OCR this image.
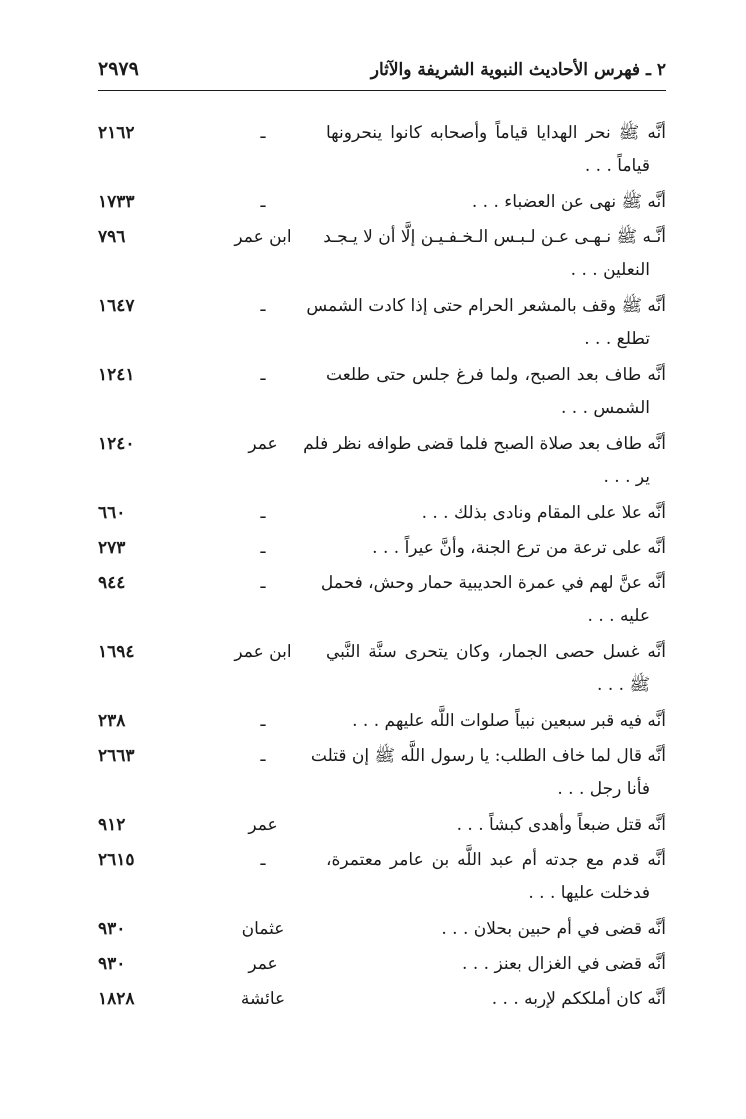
٢ ـ فهرس الأحاديث النبوية الشريفة والآثار
٢٩٧٩
أنَّه ﷺ نحر الهدايا قياماً وأصحابه كانوا ينحرونها
قياماً . . .
ـ
٢١٦٢
أنَّه ﷺ نهى عن العضباء . . .
ـ
١٧٣٣
أنَّـه ﷺ نـهـى عـن لـبـس الـخـفـيـن إلَّا أن لا يـجـد
النعلين . . .
ابن عمر
٧٩٦
أنَّه ﷺ وقف بالمشعر الحرام حتى إذا كادت الشمس
تطلع . . .
ـ
١٦٤٧
أنَّه طاف بعد الصبح، ولما فرغ جلس حتى طلعت
الشمس . . .
ـ
١٢٤١
أنَّه طاف بعد صلاة الصبح فلما قضى طوافه نظر فلم
ير . . .
عمر
١٢٤٠
أنَّه علا على المقام ونادى بذلك . . .
ـ
٦٦٠
أنَّه على ترعة من ترع الجنة، وأنَّ عيراً . . .
ـ
٢٧٣
أنَّه عنَّ لهم في عمرة الحديبية حمار وحش، فحمل
عليه . . .
ـ
٩٤٤
أنَّه غسل حصى الجمار، وكان يتحرى سنَّة النَّبي
ﷺ . . .
ابن عمر
١٦٩٤
أنَّه فيه قبر سبعين نبياً صلوات اللَّه عليهم . . .
ـ
٢٣٨
أنَّه قال لما خاف الطلب: يا رسول اللَّه ﷺ إن قتلت
فأنا رجل . . .
ـ
٢٦٦٣
أنَّه قتل ضبعاً وأهدى كبشاً . . .
عمر
٩١٢
أنَّه قدم مع جدته أم عبد اللَّه بن عامر معتمرة،
فدخلت عليها . . .
ـ
٢٦١٥
أنَّه قضى في أم حبين بحلان . . .
عثمان
٩٣٠
أنَّه قضى في الغزال بعنز . . .
عمر
٩٣٠
أنَّه كان أملككم لإربه . . .
عائشة
١٨٢٨
